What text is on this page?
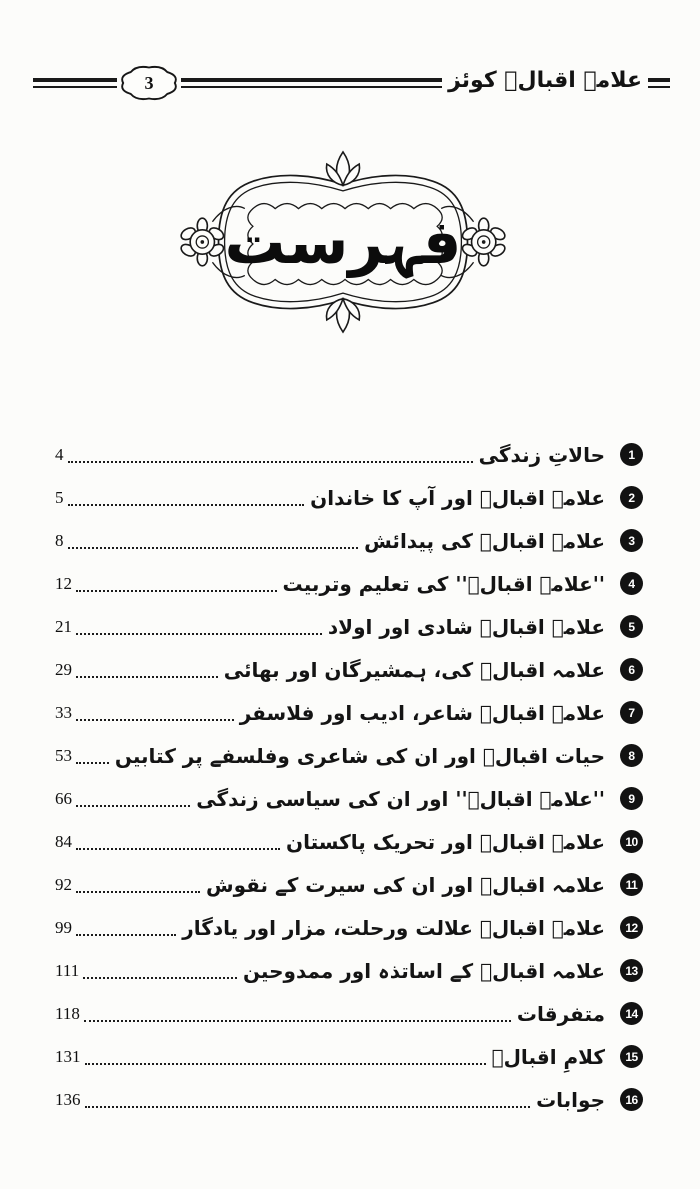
3	علامہ اقبالؒ کوئز
فہرست
1
حالاتِ زندگی
4
2
علامہ اقبالؒ اور آپ کا خاندان
5
3
علامہ اقبالؒ کی پیدائش
8
4
''علامہ اقبالؒ'' کی تعلیم وتربیت
12
5
علامہ اقبالؒ شادی اور اولاد
21
6
علامہ اقبالؒ کی، ہمشیرگان اور بھائی
29
7
علامہ اقبالؒ شاعر، ادیب اور فلاسفر
33
8
حیات اقبالؒ اور ان کی شاعری وفلسفے پر کتابیں
53
9
''علامہ اقبالؒ'' اور ان کی سیاسی زندگی
66
10
علامہ اقبالؒ اور تحریک پاکستان
84
11
علامہ اقبالؒ اور ان کی سیرت کے نقوش
92
12
علامہ اقبالؒ علالت ورحلت، مزار اور یادگار
99
13
علامہ اقبالؒ کے اساتذہ اور ممدوحین
111
14
متفرقات
118
15
کلامِ اقبالؒ
131
16
جوابات
136
